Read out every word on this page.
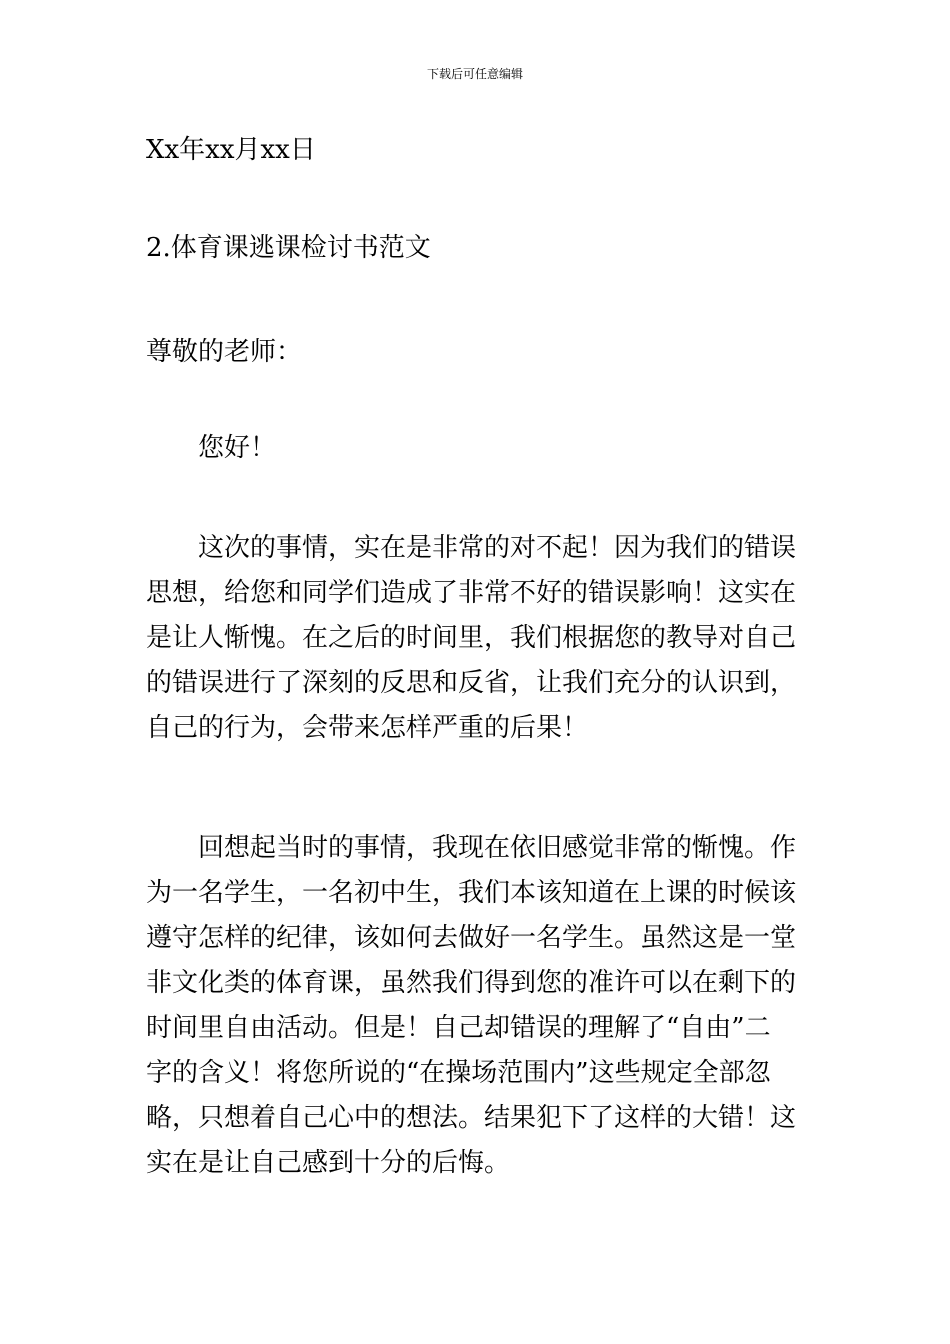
下载后可任意编辑

Xx年xx月xx日

2.体育课逃课检讨书范文

尊敬的老师：

您好！

这次的事情，实在是非常的对不起！因为我们的错误
思想，给您和同学们造成了非常不好的错误影响！这实在
是让人惭愧。在之后的时间里，我们根据您的教导对自己
的错误进行了深刻的反思和反省，让我们充分的认识到，
自己的行为，会带来怎样严重的后果！
回想起当时的事情，我现在依旧感觉非常的惭愧。作
为一名学生，一名初中生，我们本该知道在上课的时候该
遵守怎样的纪律，该如何去做好一名学生。虽然这是一堂
非文化类的体育课，虽然我们得到您的准许可以在剩下的
时间里自由活动。但是！自己却错误的理解了“自由”二
字的含义！将您所说的“在操场范围内”这些规定全部忽
略，只想着自己心中的想法。结果犯下了这样的大错！这
实在是让自己感到十分的后悔。
